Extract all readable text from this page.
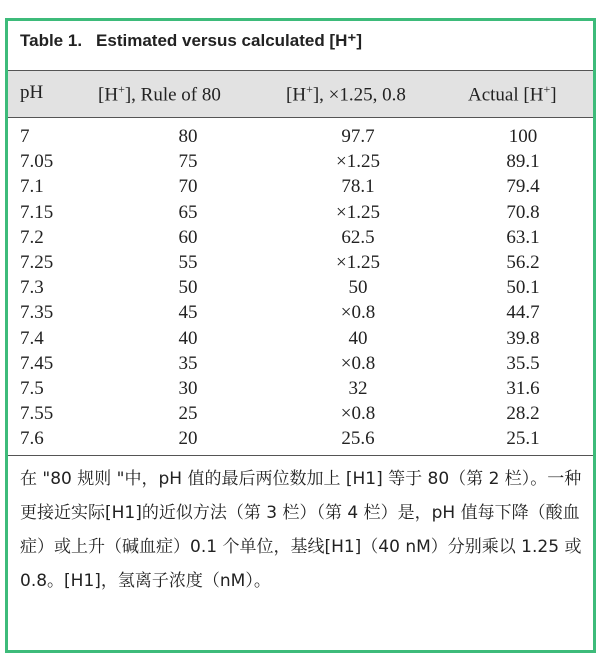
Table 1. Estimated versus calculated [H⁺]
pH	[H+], Rule of 80	[H+], ×1.25, 0.8	Actual [H+]
7	80	97.7	100
7.05	75	×1.25	89.1
7.1	70	78.1	79.4
7.15	65	×1.25	70.8
7.2	60	62.5	63.1
7.25	55	×1.25	56.2
7.3	50	50	50.1
7.35	45	×0.8	44.7
7.4	40	40	39.8
7.45	35	×0.8	35.5
7.5	30	32	31.6
7.55	25	×0.8	28.2
7.6	20	25.6	25.1
在 "80 规则 "中，pH 值的最后两位数加上 [H1] 等于 80（第 2 栏）。一种更接近实际[H1]的近似方法（第 3 栏）（第 4 栏）是，pH 值每下降（酸血症）或上升（碱血症）0.1 个单位，基线[H1]（40 nM）分别乘以 1.25 或 0.8。[H1]，氢离子浓度（nM）。
